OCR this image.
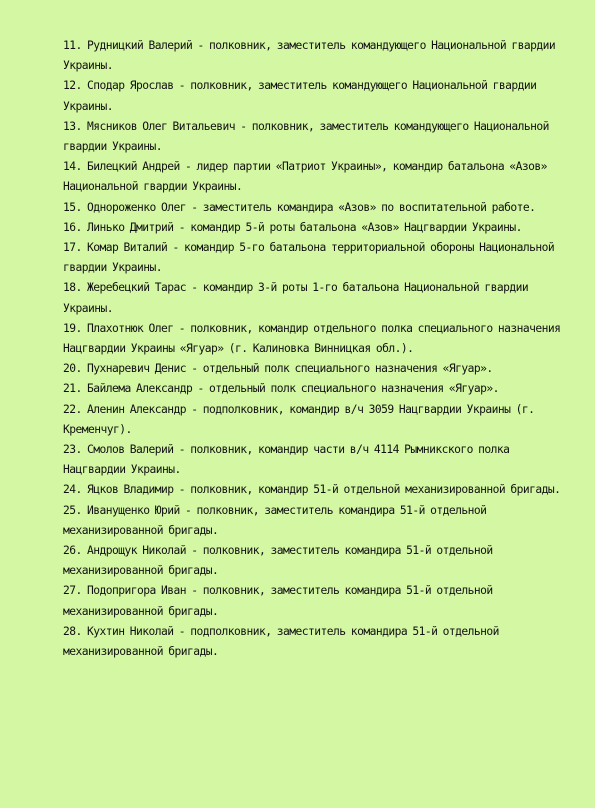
11. Рудницкий Валерий - полковник, заместитель командующего Национальной гвардии Украины.

12. Сподар Ярослав - полковник, заместитель командующего Национальной гвардии Украины.

13. Мясников Олег Витальевич - полковник, заместитель командующего Национальной гвардии Украины.

14. Билецкий Андрей - лидер партии «Патриот Украины», командир батальона «Азов» Национальной гвардии Украины.

15. Однороженко Олег - заместитель командира «Азов» по воспитательной работе.

16. Линько Дмитрий - командир 5-й роты батальона «Азов» Нацгвардии Украины.

17. Комар Виталий - командир 5-го батальона территориальной обороны Национальной гвардии Украины.

18. Жеребецкий Тарас - командир 3-й роты 1-го батальона Национальной гвардии Украины.

19. Плахотнюк Олег - полковник, командир отдельного полка специального назначения Нацгвардии Украины «Ягуар» (г. Калиновка Винницкая обл.).

20. Пухнаревич Денис - отдельный полк специального назначения «Ягуар».

21. Байлема Александр - отдельный полк специального назначения «Ягуар».

22. Аленин Александр - подполковник, командир в/ч 3059 Нацгвардии Украины (г. Кременчуг).

23. Смолов Валерий - полковник, командир части в/ч 4114 Рымникского полка Нацгвардии Украины.

24. Яцков Владимир - полковник, командир 51-й отдельной механизированной бригады.

25. Иванущенко Юрий - полковник, заместитель командира 51-й отдельной механизированной бригады.

26. Андрощук Николай - полковник, заместитель командира 51-й отдельной механизированной бригады.

27. Подопригора Иван - полковник, заместитель командира 51-й отдельной механизированной бригады.

28. Кухтин Николай - подполковник, заместитель командира 51-й отдельной механизированной бригады.
